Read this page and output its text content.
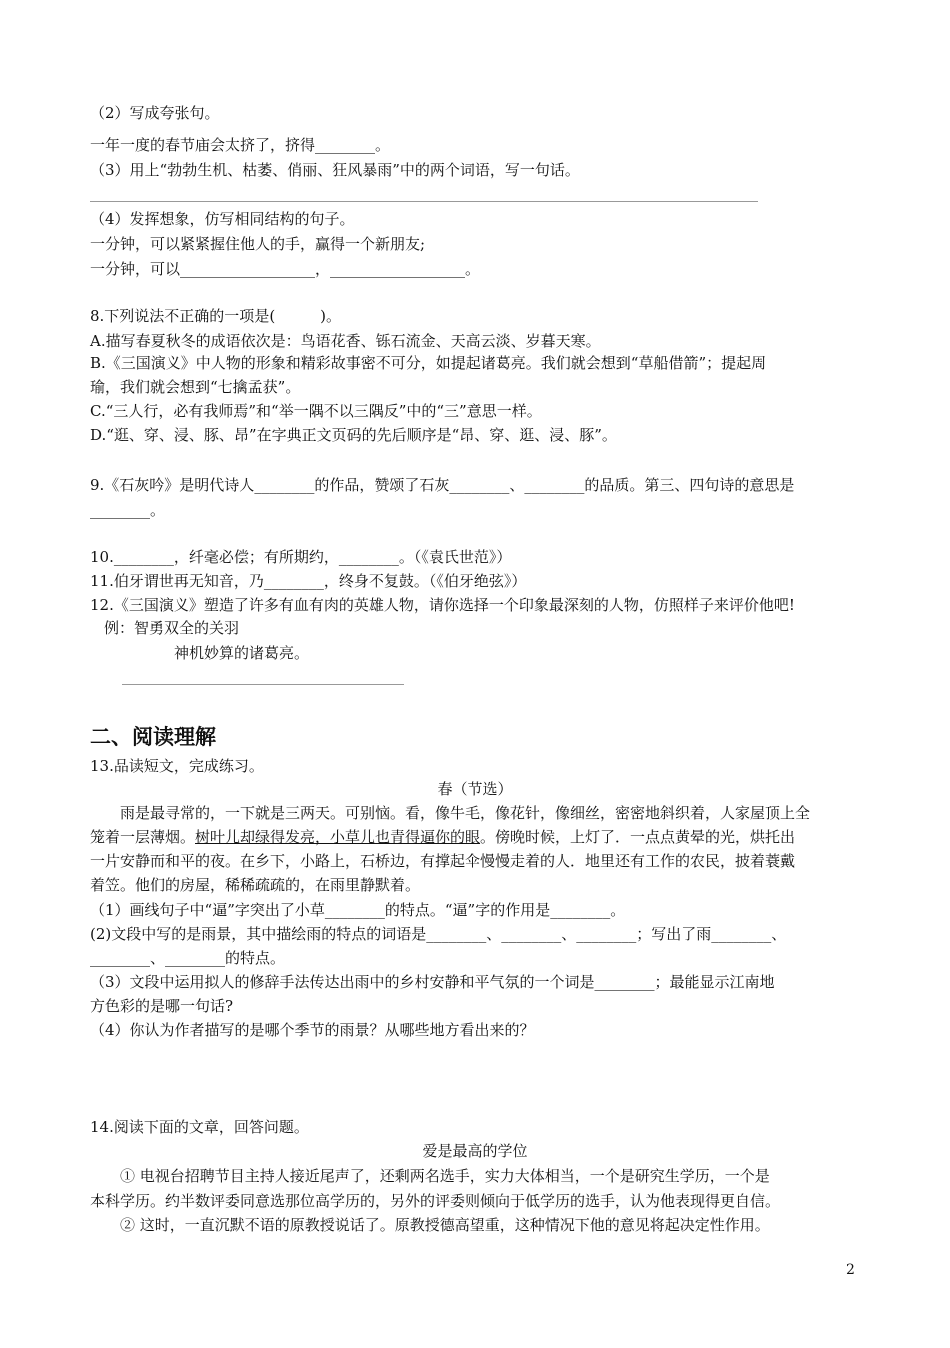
（2）写成夸张句。
一年一度的春节庙会太挤了，挤得________。
（3）用上“勃勃生机、枯萎、俏丽、狂风暴雨”中的两个词语，写一句话。
（4）发挥想象，仿写相同结构的句子。
一分钟，可以紧紧握住他人的手，赢得一个新朋友;
一分钟，可以__________________，__________________。
8.下列说法不正确的一项是(　　　)。
A.描写春夏秋冬的成语依次是：鸟语花香、铄石流金、天高云淡、岁暮天寒。
B.《三国演义》中人物的形象和精彩故事密不可分，如提起诸葛亮。我们就会想到“草船借箭”；提起周
瑜，我们就会想到“七擒孟获”。
C.“三人行，必有我师焉”和“举一隅不以三隅反”中的“三”意思一样。
D.“逛、穿、浸、豚、昂”在字典正文页码的先后顺序是“昂、穿、逛、浸、豚”。
9.《石灰吟》是明代诗人________的作品，赞颂了石灰________、________的品质。第三、四句诗的意思是
________。
10.________，纤毫必偿；有所期约，________。（《袁氏世范》）
11.伯牙谓世再无知音，乃________，终身不复鼓。（《伯牙绝弦》）
12.《三国演义》塑造了许多有血有肉的英雄人物，请你选择一个印象最深刻的人物，仿照样子来评价他吧!
例：智勇双全的关羽
神机妙算的诸葛亮。
二、阅读理解
13.品读短文，完成练习。
春（节选）
雨是最寻常的，一下就是三两天。可别恼。看，像牛毛，像花针，像细丝，密密地斜织着，人家屋顶上全
笼着一层薄烟。树叶儿却绿得发亮，小草儿也青得逼你的眼。傍晚时候，上灯了．一点点黄晕的光，烘托出
一片安静而和平的夜。在乡下，小路上，石桥边，有撑起伞慢慢走着的人．地里还有工作的农民，披着蓑戴
着笠。他们的房屋，稀稀疏疏的，在雨里静默着。
（1）画线句子中“逼”字突出了小草________的特点。“逼”字的作用是________。
(2)文段中写的是雨景，其中描绘雨的特点的词语是________、________、________；写出了雨________、
________、________的特点。
（3）文段中运用拟人的修辞手法传达出雨中的乡村安静和平气氛的一个词是________；最能显示江南地
方色彩的是哪一句话?
（4）你认为作者描写的是哪个季节的雨景？从哪些地方看出来的？
14.阅读下面的文章，回答问题。
爱是最高的学位
① 电视台招聘节目主持人接近尾声了，还剩两名选手，实力大体相当，一个是研究生学历，一个是
本科学历。约半数评委同意选那位高学历的，另外的评委则倾向于低学历的选手，认为他表现得更自信。
② 这时，一直沉默不语的原教授说话了。原教授德高望重，这种情况下他的意见将起决定性作用。
2
